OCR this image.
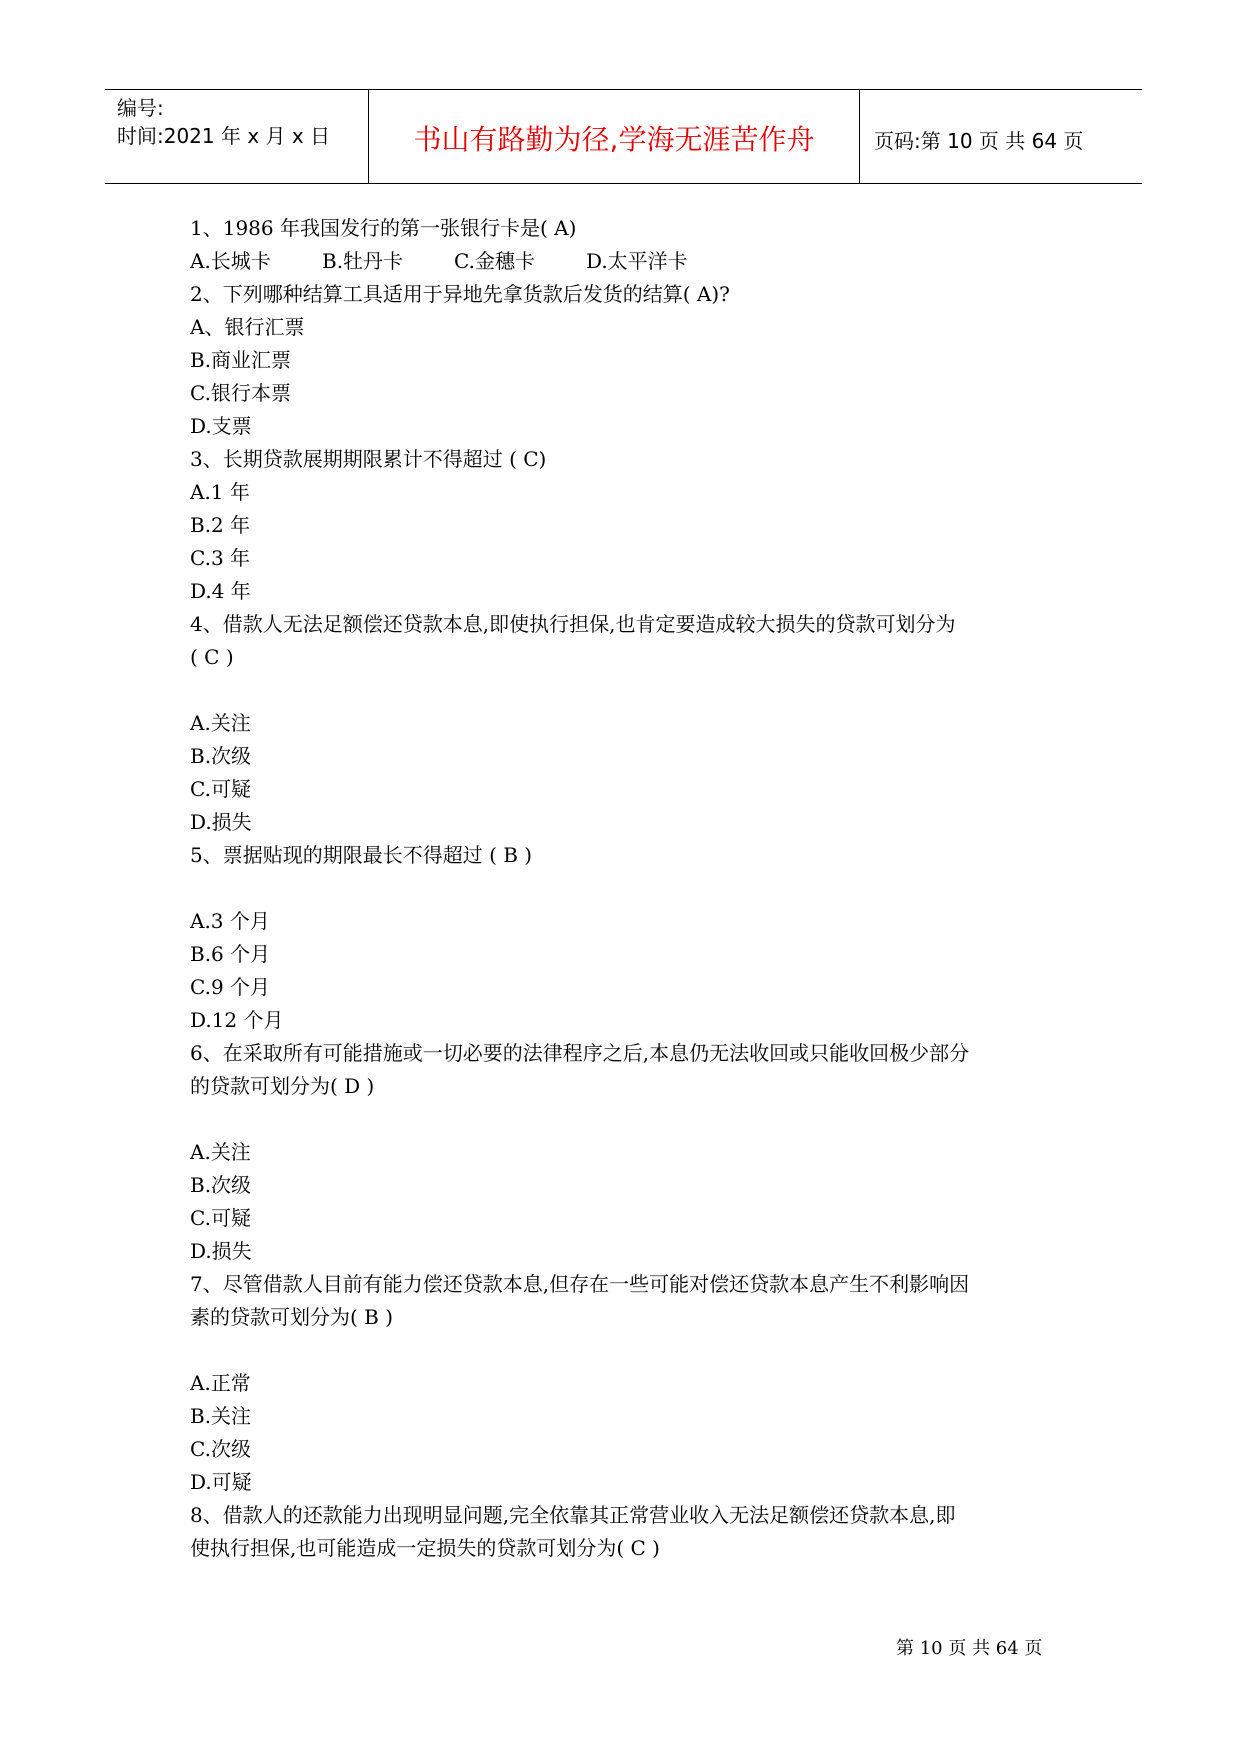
编号:
时间:2021 年 x 月 x 日	书山有路勤为径,学海无涯苦作舟	页码:第 10 页 共 64 页
1、1986 年我国发行的第一张银行卡是( A)
A.长城卡	B.牡丹卡	C.金穗卡	D.太平洋卡
2、下列哪种结算工具适用于异地先拿货款后发货的结算( A)?
A、银行汇票
B.商业汇票
C.银行本票
D.支票
3、长期贷款展期期限累计不得超过 ( C)
A.1 年
B.2 年
C.3 年
D.4 年
4、借款人无法足额偿还贷款本息,即使执行担保,也肯定要造成较大损失的贷款可划分为
( C )
A.关注
B.次级
C.可疑
D.损失
5、票据贴现的期限最长不得超过 ( B )
A.3 个月
B.6 个月
C.9 个月
D.12 个月
6、在采取所有可能措施或一切必要的法律程序之后,本息仍无法收回或只能收回极少部分
的贷款可划分为( D )
A.关注
B.次级
C.可疑
D.损失
7、尽管借款人目前有能力偿还贷款本息,但存在一些可能对偿还贷款本息产生不利影响因
素的贷款可划分为( B )
A.正常
B.关注
C.次级
D.可疑
8、借款人的还款能力出现明显问题,完全依靠其正常营业收入无法足额偿还贷款本息,即
使执行担保,也可能造成一定损失的贷款可划分为( C )
第 10 页 共 64 页
